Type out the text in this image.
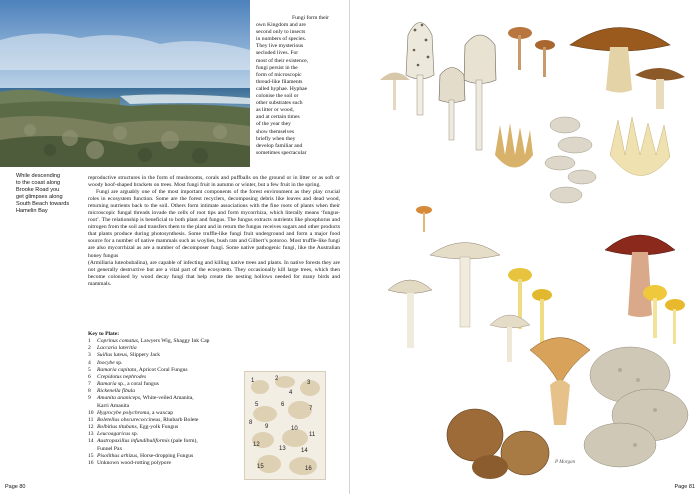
While descending
to the coast along
Brooke Road you
get glimpses along
South Beach towards
Hamelin Bay
Fungi form their
own Kingdom and are
second only to insects
in numbers of species.
They live mysterious
secluded lives. For
most of their existence,
fungi persist in the
form of microscopic
thread-like filaments
called hyphae. Hyphae
colonise the soil or
other substrates such
as litter or wood,
and at certain times
of the year they
show themselves
briefly when they
develop familiar and
sometimes spectacular

reproductive structures in the form of mushrooms, corals and puffballs on the ground or in litter or as soft or woody hoof-shaped brackets on trees. Most fungi fruit in autumn or winter, but a few fruit in the spring.

Fungi are arguably one of the most important components of the forest environment as they play crucial roles in ecosystem function. Some are the forest recyclers, decomposing debris like leaves and dead wood, returning nutrients back to the soil. Others form intimate associations with the fine roots of plants when their microscopic fungal threads invade the cells of root tips and form mycorrhiza, which literally means ‘fungus-root’. The relationship is beneficial to both plant and fungus. The fungus extracts nutrients like phosphorus and nitrogen from the soil and transfers them to the plant and in return the fungus receives sugars and other products that plants produce during photosynthesis. Some truffle-like fungi fruit underground and form a major food source for a number of native mammals such as woylies, bush rats and Gilbert’s potoroo. Most truffle-like fungi are also mycorrhizal as are a number of decomposer fungi. Some native pathogenic fungi, like the Australian honey fungus

(Armillaria luteobubalina), are capable of infecting and killing native trees and plants. In native forests they are not generally destructive but are a vital part of the ecosystem. They occasionally kill large trees, which then become colonised by wood decay fungi that help create the nesting hollows needed for many birds and mammals.

Key to Plate:
1	Coprinus comatus, Lawyers Wig, Shaggy Ink Cap
2	Laccaria lateritia
3	Suillus luteus, Slippery Jack
4	Inocybe sp.
5	Ramaria capitata, Apricot Coral Fungus
6	Crepidotus nephrodes
7	Ramaria sp., a coral fungus
8	Rickenella fibula
9	Amanita ananiceps, White-veiled Amanita,
Karri Amanita
10 Hygrocybe polychroma, a waxcap
11 Boletellus obscurecoccineus, Rhubarb Bolete
12 Bolbitius titubans, Egg-yolk Fungus
13 Leucoagaricus sp.
14 Austropaxillus infundibuliformis (pale form),
Funnel Pax
15 Pisolithus arhizus, Horse-dropping Fungus
16 Unknown wood-rotting polypore
1	2
3
4
5	6
7
8
9	10
11
12
13	14
15	16
Page 80
P Morgan
Page 81
